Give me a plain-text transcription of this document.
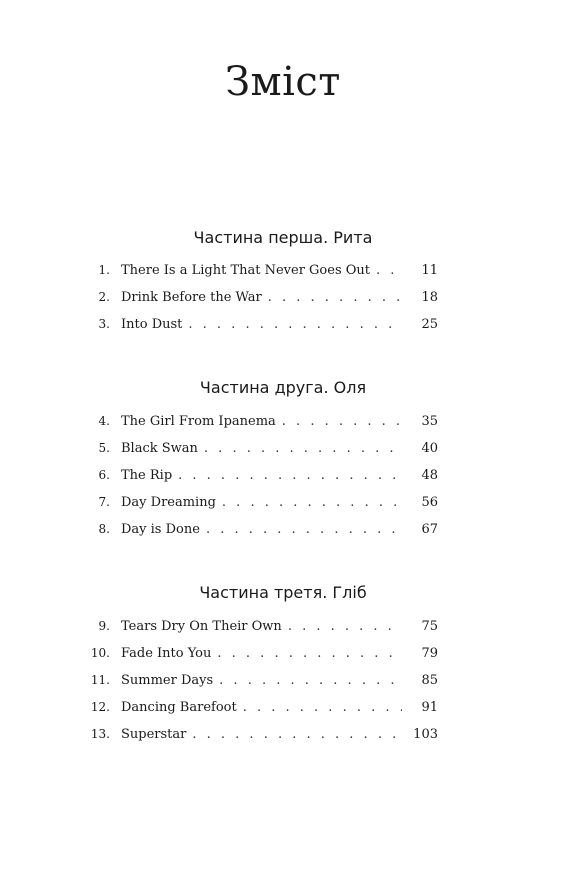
Зміст
Частина перша. Рита
1. There Is a Light That Never Goes Out . . .	11
2. Drink Before the War . . .	18
3. Into Dust . . .	25
Частина друга. Оля
4. The Girl From Ipanema . . .	35
5. Black Swan . . .	40
6. The Rip . . .	48
7. Day Dreaming . . .	56
8. Day is Done . . .	67
Частина третя. Гліб
9. Tears Dry On Their Own . . .	75
10. Fade Into You . . .	79
11. Summer Days . . .	85
12. Dancing Barefoot . . .	91
13. Superstar . . .	103
